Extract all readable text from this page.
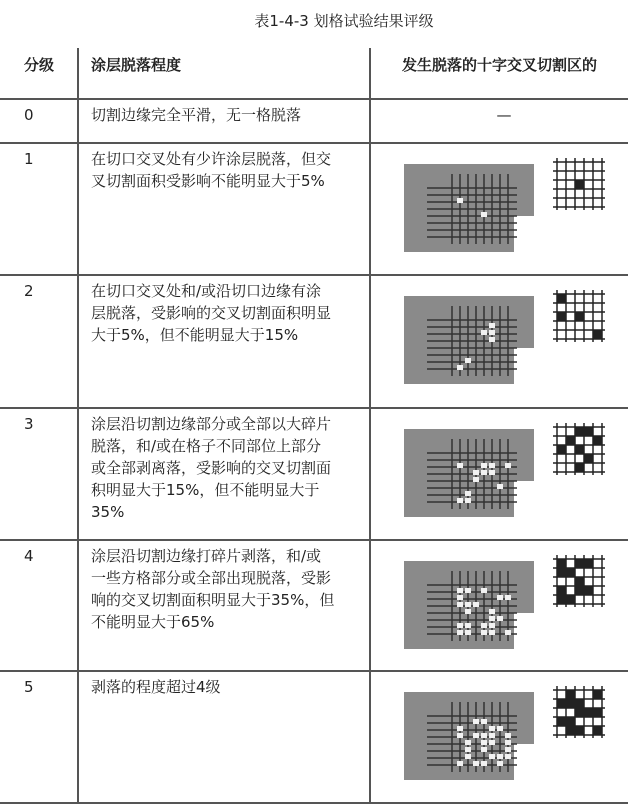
表1-4-3 划格试验结果评级
分级	涂层脱落程度	发生脱落的十字交叉切割区的
0	切割边缘完全平滑，无一格脱落	—

1	在切口交叉处有少许涂层脱落，但交
叉切割面积受影响不能明显大于5%	

2	在切口交叉处和/或沿切口边缘有涂
层脱落，受影响的交叉切割面积明显
大于5%，但不能明显大于15%	

3	涂层沿切割边缘部分或全部以大碎片
脱落，和/或在格子不同部位上部分
或全部剥离落，受影响的交叉切割面
积明显大于15%，但不能明显大于
35%	

4	涂层沿切割边缘打碎片剥落，和/或
一些方格部分或全部出现脱落，受影
响的交叉切割面积明显大于35%，但
不能明显大于65%	

5	剥落的程度超过4级	
